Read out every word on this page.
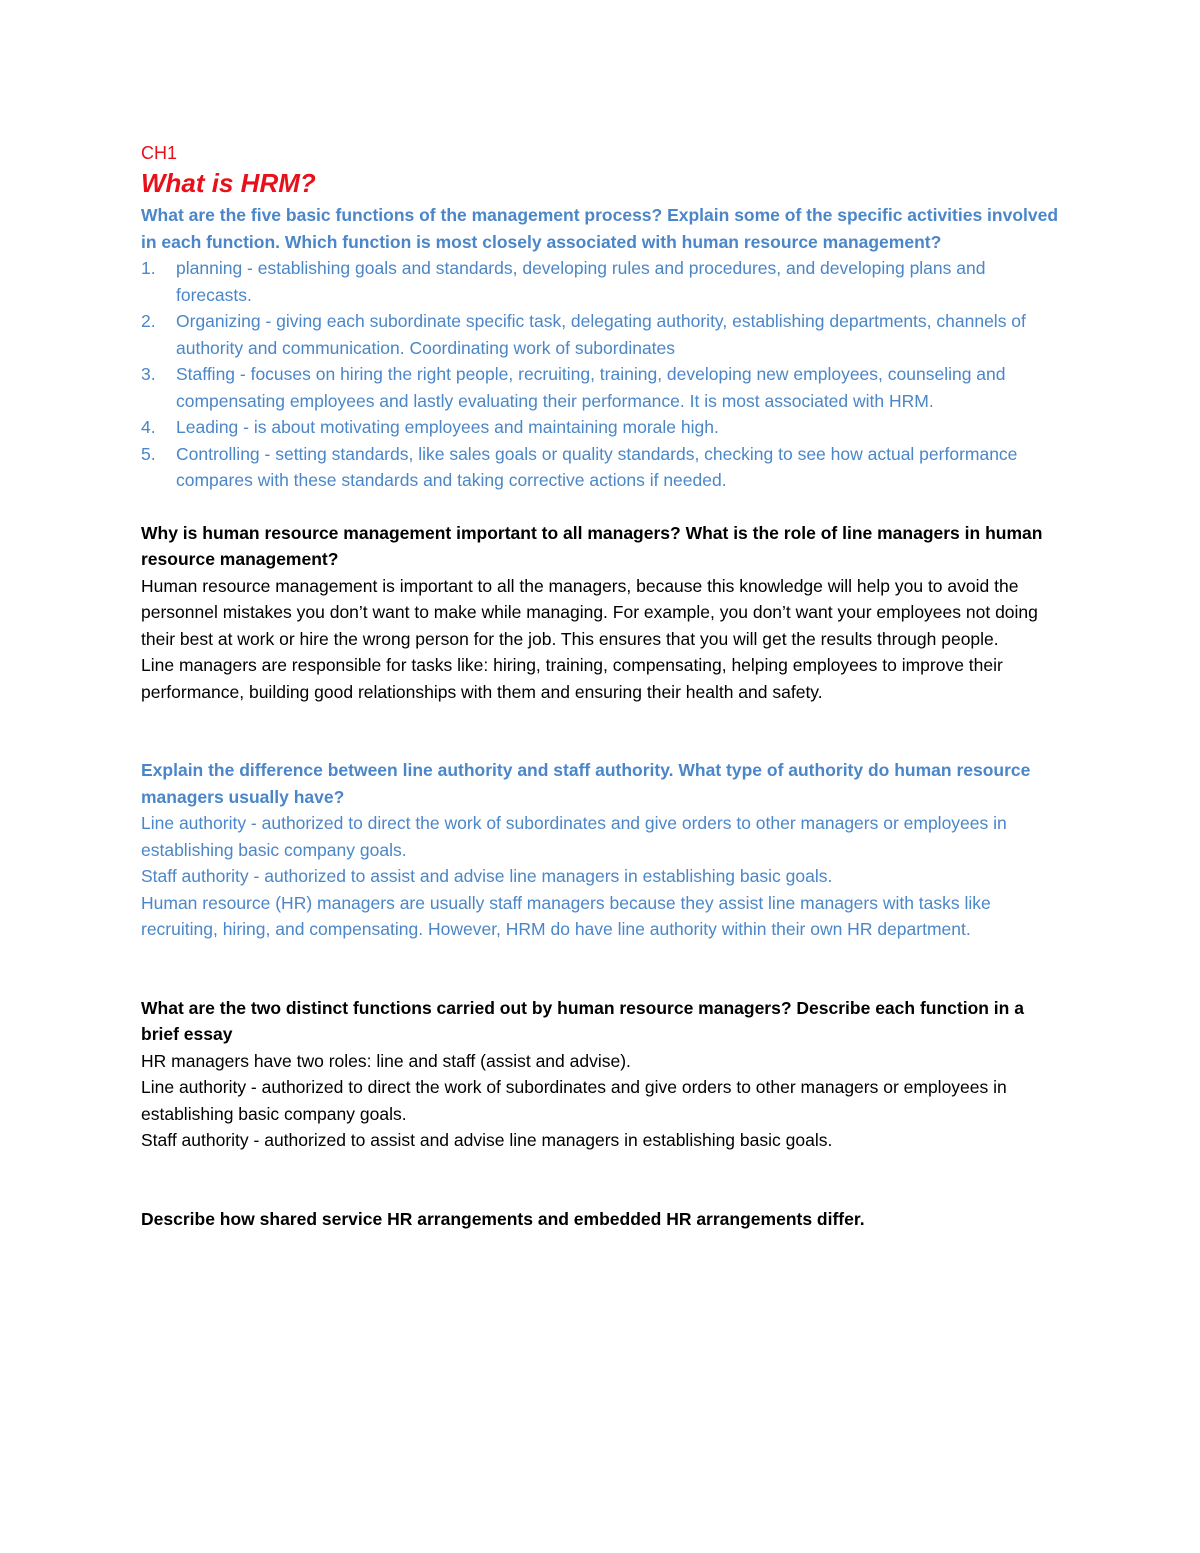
CH1
What is HRM?

What are the five basic functions of the management process? Explain some of the specific activities involved in each function. Which function is most closely associated with human resource management?

1. planning - establishing goals and standards, developing rules and procedures, and developing plans and forecasts.
2. Organizing - giving each subordinate specific task, delegating authority, establishing departments, channels of authority and communication. Coordinating work of subordinates
3. Staffing - focuses on hiring the right people, recruiting, training, developing new employees, counseling and compensating employees and lastly evaluating their performance. It is most associated with HRM.
4. Leading - is about motivating employees and maintaining morale high.
5. Controlling - setting standards, like sales goals or quality standards, checking to see how actual performance compares with these standards and taking corrective actions if needed.

Why is human resource management important to all managers? What is the role of line managers in human resource management?

Human resource management is important to all the managers, because this knowledge will help you to avoid the personnel mistakes you don’t want to make while managing. For example, you don’t want your employees not doing their best at work or hire the wrong person for the job. This ensures that you will get the results through people.

Line managers are responsible for tasks like: hiring, training, compensating, helping employees to improve their performance, building good relationships with them and ensuring their health and safety.

Explain the difference between line authority and staff authority. What type of authority do human resource managers usually have?

Line authority - authorized to direct the work of subordinates and give orders to other managers or employees in establishing basic company goals.

Staff authority - authorized to assist and advise line managers in establishing basic goals.

Human resource (HR) managers are usually staff managers because they assist line managers with tasks like recruiting, hiring, and compensating. However, HRM do have line authority within their own HR department.

What are the two distinct functions carried out by human resource managers? Describe each function in a brief essay

HR managers have two roles: line and staff (assist and advise).

Line authority - authorized to direct the work of subordinates and give orders to other managers or employees in establishing basic company goals.

Staff authority - authorized to assist and advise line managers in establishing basic goals.

Describe how shared service HR arrangements and embedded HR arrangements differ.
